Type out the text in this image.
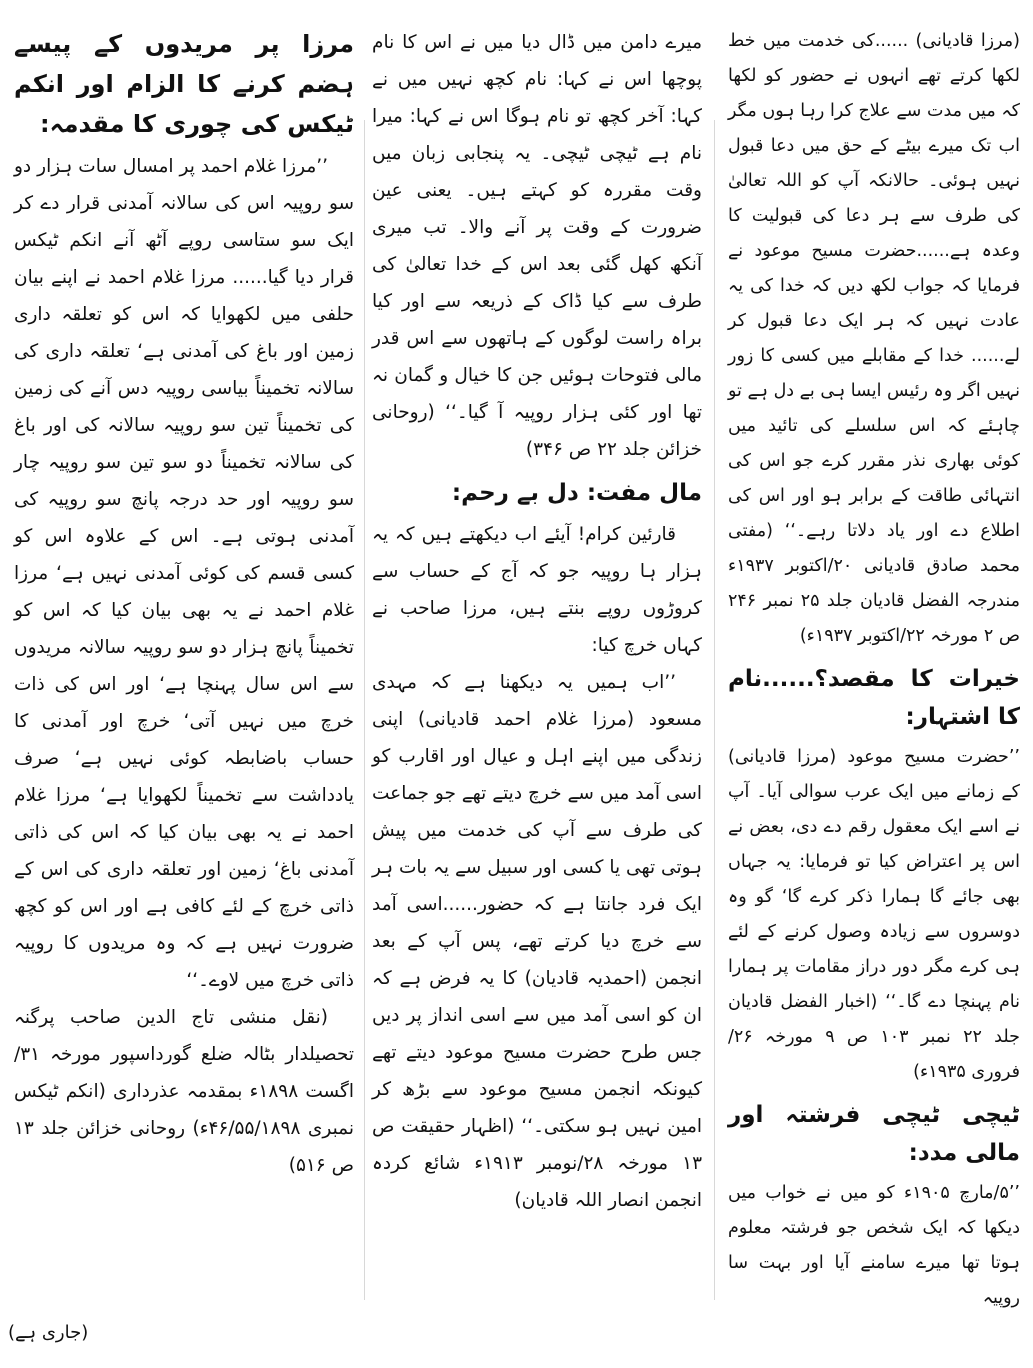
(مرزا قادیانی) ......کی خدمت میں خط لکھا کرتے تھے انہوں نے حضور کو لکھا کہ میں مدت سے علاج کرا رہا ہوں مگر اب تک میرے بیٹے کے حق میں دعا قبول نہیں ہوئی۔ حالانکہ آپ کو اللہ تعالیٰ کی طرف سے ہر دعا کی قبولیت کا وعدہ ہے......حضرت مسیح موعود نے فرمایا کہ جواب لکھ دیں کہ خدا کی یہ عادت نہیں کہ ہر ایک دعا قبول کر لے...... خدا کے مقابلے میں کسی کا زور نہیں اگر وہ رئیس ایسا ہی بے دل ہے تو چاہئے کہ اس سلسلے کی تائید میں کوئی بھاری نذر مقرر کرے جو اس کی انتہائی طاقت کے برابر ہو اور اس کی اطلاع دے اور یاد دلاتا رہے۔‘‘ (مفتی محمد صادق قادیانی ۲۰/اکتوبر ۱۹۳۷ء مندرجہ الفضل قادیان جلد ۲۵ نمبر ۲۴۶ ص ۲ مورخہ ۲۲/اکتوبر ۱۹۳۷ء)

خیرات کا مقصد؟......نام کا اشتہار:

’’حضرت مسیح موعود (مرزا قادیانی) کے زمانے میں ایک عرب سوالی آیا۔ آپ نے اسے ایک معقول رقم دے دی، بعض نے اس پر اعتراض کیا تو فرمایا: یہ جہاں بھی جائے گا ہمارا ذکر کرے گا‘ گو وہ دوسروں سے زیادہ وصول کرنے کے لئے ہی کرے مگر دور دراز مقامات پر ہمارا نام پہنچا دے گا۔‘‘ (اخبار الفضل قادیان جلد ۲۲ نمبر ۱۰۳ ص ۹ مورخہ ۲۶/فروری ۱۹۳۵ء)

ٹیچی ٹیچی فرشتہ اور مالی مدد:

’’۵/مارچ ۱۹۰۵ء کو میں نے خواب میں دیکھا کہ ایک شخص جو فرشتہ معلوم ہوتا تھا میرے سامنے آیا اور بہت سا روپیہ

میرے دامن میں ڈال دیا میں نے اس کا نام پوچھا اس نے کہا: نام کچھ نہیں میں نے کہا: آخر کچھ تو نام ہوگا اس نے کہا: میرا نام ہے ٹیچی ٹیچی۔ یہ پنجابی زبان میں وقت مقررہ کو کہتے ہیں۔ یعنی عین ضرورت کے وقت پر آنے والا۔ تب میری آنکھ کھل گئی بعد اس کے خدا تعالیٰ کی طرف سے کیا ڈاک کے ذریعہ سے اور کیا براہ راست لوگوں کے ہاتھوں سے اس قدر مالی فتوحات ہوئیں جن کا خیال و گمان نہ تھا اور کئی ہزار روپیہ آ گیا۔‘‘ (روحانی خزائن جلد ۲۲ ص ۳۴۶)

مال مفت: دل بے رحم:

قارئین کرام! آیئے اب دیکھتے ہیں کہ یہ ہزار ہا روپیہ جو کہ آج کے حساب سے کروڑوں روپے بنتے ہیں، مرزا صاحب نے کہاں خرچ کیا:

’’اب ہمیں یہ دیکھنا ہے کہ مہدی مسعود (مرزا غلام احمد قادیانی) اپنی زندگی میں اپنے اہل و عیال اور اقارب کو اسی آمد میں سے خرچ دیتے تھے جو جماعت کی طرف سے آپ کی خدمت میں پیش ہوتی تھی یا کسی اور سبیل سے یہ بات ہر ایک فرد جانتا ہے کہ حضور......اسی آمد سے خرچ دیا کرتے تھے، پس آپ کے بعد انجمن (احمدیہ قادیان) کا یہ فرض ہے کہ ان کو اسی آمد میں سے اسی انداز پر دیں جس طرح حضرت مسیح موعود دیتے تھے کیونکہ انجمن مسیح موعود سے بڑھ کر امین نہیں ہو سکتی۔‘‘ (اظہار حقیقت ص ۱۳ مورخہ ۲۸/نومبر ۱۹۱۳ء شائع کردہ انجمن انصار اللہ قادیان)

مرزا پر مریدوں کے پیسے ہضم کرنے کا الزام اور انکم ٹیکس کی چوری کا مقدمہ:

’’مرزا غلام احمد پر امسال سات ہزار دو سو روپیہ اس کی سالانہ آمدنی قرار دے کر ایک سو ستاسی روپے آٹھ آنے انکم ٹیکس قرار دیا گیا...... مرزا غلام احمد نے اپنے بیان حلفی میں لکھوایا کہ اس کو تعلقہ داری زمین اور باغ کی آمدنی ہے‘ تعلقہ داری کی سالانہ تخمیناً بیاسی روپیہ دس آنے کی زمین کی تخمیناً تین سو روپیہ سالانہ کی اور باغ کی سالانہ تخمیناً دو سو تین سو روپیہ چار سو روپیہ اور حد درجہ پانچ سو روپیہ کی آمدنی ہوتی ہے۔ اس کے علاوہ اس کو کسی قسم کی کوئی آمدنی نہیں ہے‘ مرزا غلام احمد نے یہ بھی بیان کیا کہ اس کو تخمیناً پانچ ہزار دو سو روپیہ سالانہ مریدوں سے اس سال پہنچا ہے‘ اور اس کی ذات خرچ میں نہیں آتی‘ خرچ اور آمدنی کا حساب باضابطہ کوئی نہیں ہے‘ صرف یادداشت سے تخمیناً لکھوایا ہے‘ مرزا غلام احمد نے یہ بھی بیان کیا کہ اس کی ذاتی آمدنی باغ‘ زمین اور تعلقہ داری کی اس کے ذاتی خرچ کے لئے کافی ہے اور اس کو کچھ ضرورت نہیں ہے کہ وہ مریدوں کا روپیہ ذاتی خرچ میں لاوے۔‘‘

(نقل منشی تاج الدین صاحب پرگنہ تحصیلدار بٹالہ ضلع گورداسپور مورخہ ۳۱/اگست ۱۸۹۸ء بمقدمہ عذرداری (انکم ٹیکس نمبری ۴۶/۵۵/۱۸۹۸ء) روحانی خزائن جلد ۱۳ ص ۵۱۶)

(جاری ہے)
